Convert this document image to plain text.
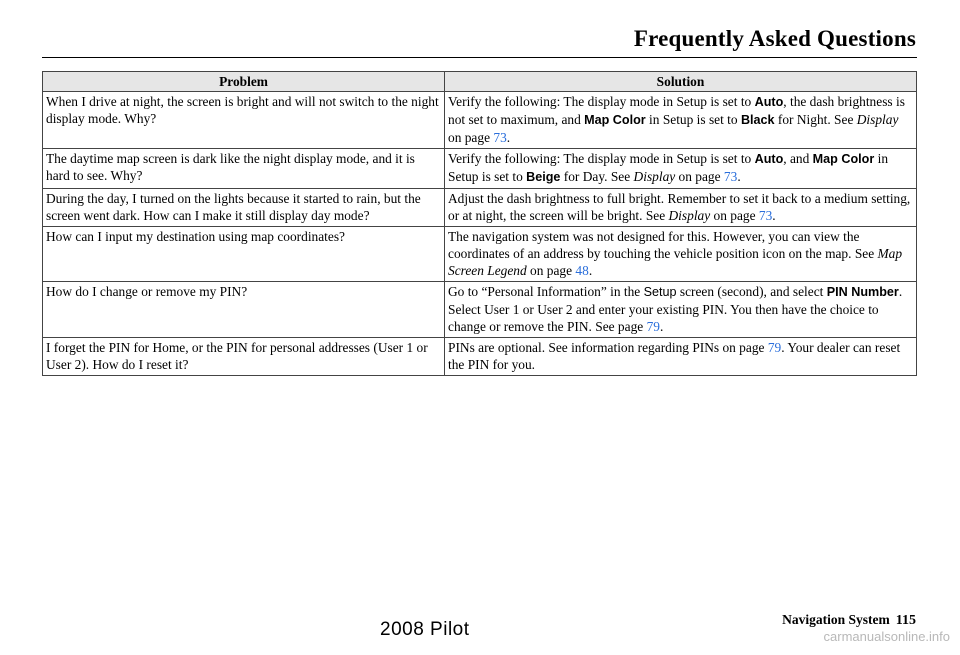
Frequently Asked Questions
Problem	Solution
When I drive at night, the screen is bright and will not switch to the night display mode. Why?	Verify the following: The display mode in Setup is set to Auto, the dash brightness is not set to maximum, and Map Color in Setup is set to Black for Night. See Display on page 73.
The daytime map screen is dark like the night display mode, and it is hard to see. Why?	Verify the following: The display mode in Setup is set to Auto, and Map Color in Setup is set to Beige for Day. See Display on page 73.
During the day, I turned on the lights because it started to rain, but the screen went dark. How can I make it still display day mode?	Adjust the dash brightness to full bright. Remember to set it back to a medium setting, or at night, the screen will be bright. See Display on page 73.
How can I input my destination using map coordinates?	The navigation system was not designed for this. However, you can view the coordinates of an address by touching the vehicle position icon on the map. See Map Screen Legend on page 48.
How do I change or remove my PIN?	Go to “Personal Information” in the Setup screen (second), and select PIN Number. Select User 1 or User 2 and enter your existing PIN. You then have the choice to change or remove the PIN. See page 79.
I forget the PIN for Home, or the PIN for personal addresses (User 1 or User 2). How do I reset it?	PINs are optional. See information regarding PINs on page 79. Your dealer can reset the PIN for you.
Navigation System 115
2008 Pilot	carmanualsonline.info
